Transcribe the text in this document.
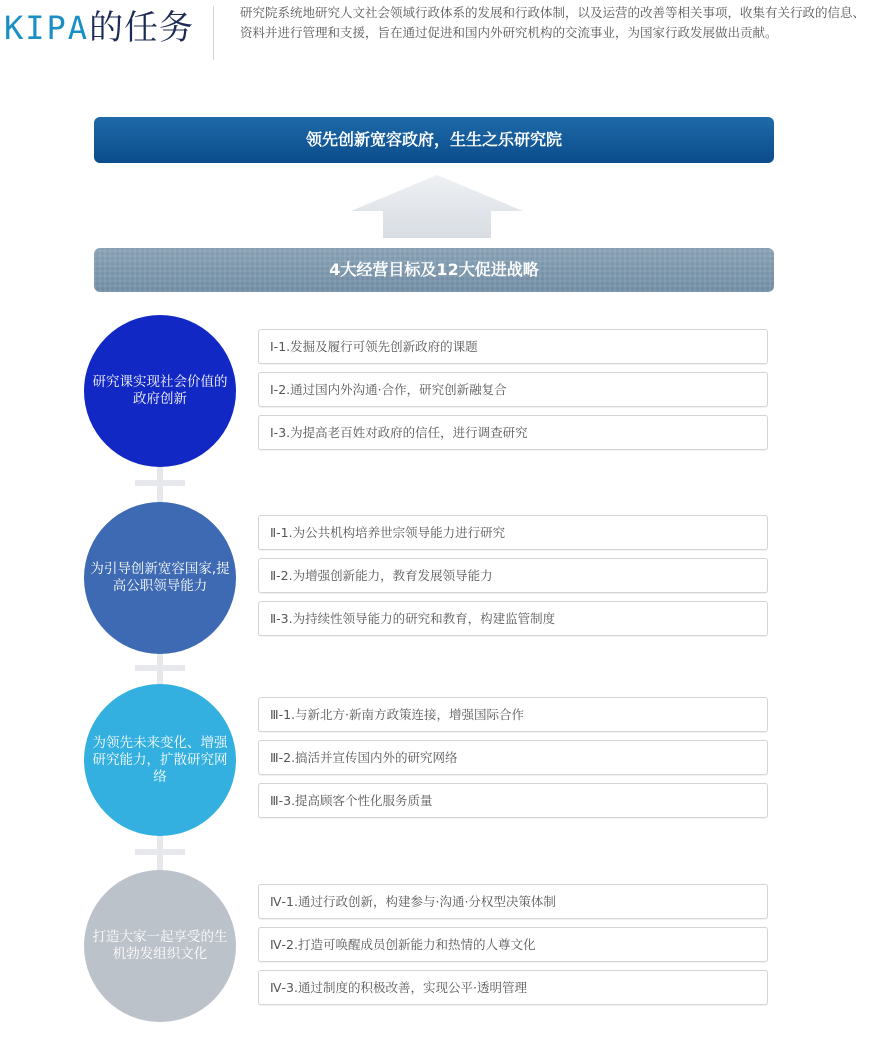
KIPA的任务	研究院系统地研究人文社会领域行政体系的发展和行政体制，以及运营的改善等相关事项，收集有关行政的信息、资料并进行管理和支援，旨在通过促进和国内外研究机构的交流事业，为国家行政发展做出贡献。
领先创新宽容政府，生生之乐研究院
4大经营目标及12大促进战略
研究课实现社会价值的政府创新
Ⅰ-1.发掘及履行可领先创新政府的课题
Ⅰ-2.通过国内外沟通·合作，研究创新融复合
Ⅰ-3.为提高老百姓对政府的信任，进行调查研究
为引导创新宽容国家,提高公职领导能力
Ⅱ-1.为公共机构培养世宗领导能力进行研究
Ⅱ-2.为增强创新能力，教育发展领导能力
Ⅱ-3.为持续性领导能力的研究和教育，构建监管制度
为领先未来变化、增强研究能力，扩散研究网络
Ⅲ-1.与新北方·新南方政策连接，增强国际合作
Ⅲ-2.搞活并宣传国内外的研究网络
Ⅲ-3.提高顾客个性化服务质量
打造大家一起享受的生机勃发组织文化
Ⅳ-1.通过行政创新，构建参与·沟通·分权型决策体制
Ⅳ-2.打造可唤醒成员创新能力和热情的人尊文化
Ⅳ-3.通过制度的积极改善，实现公平·透明管理
